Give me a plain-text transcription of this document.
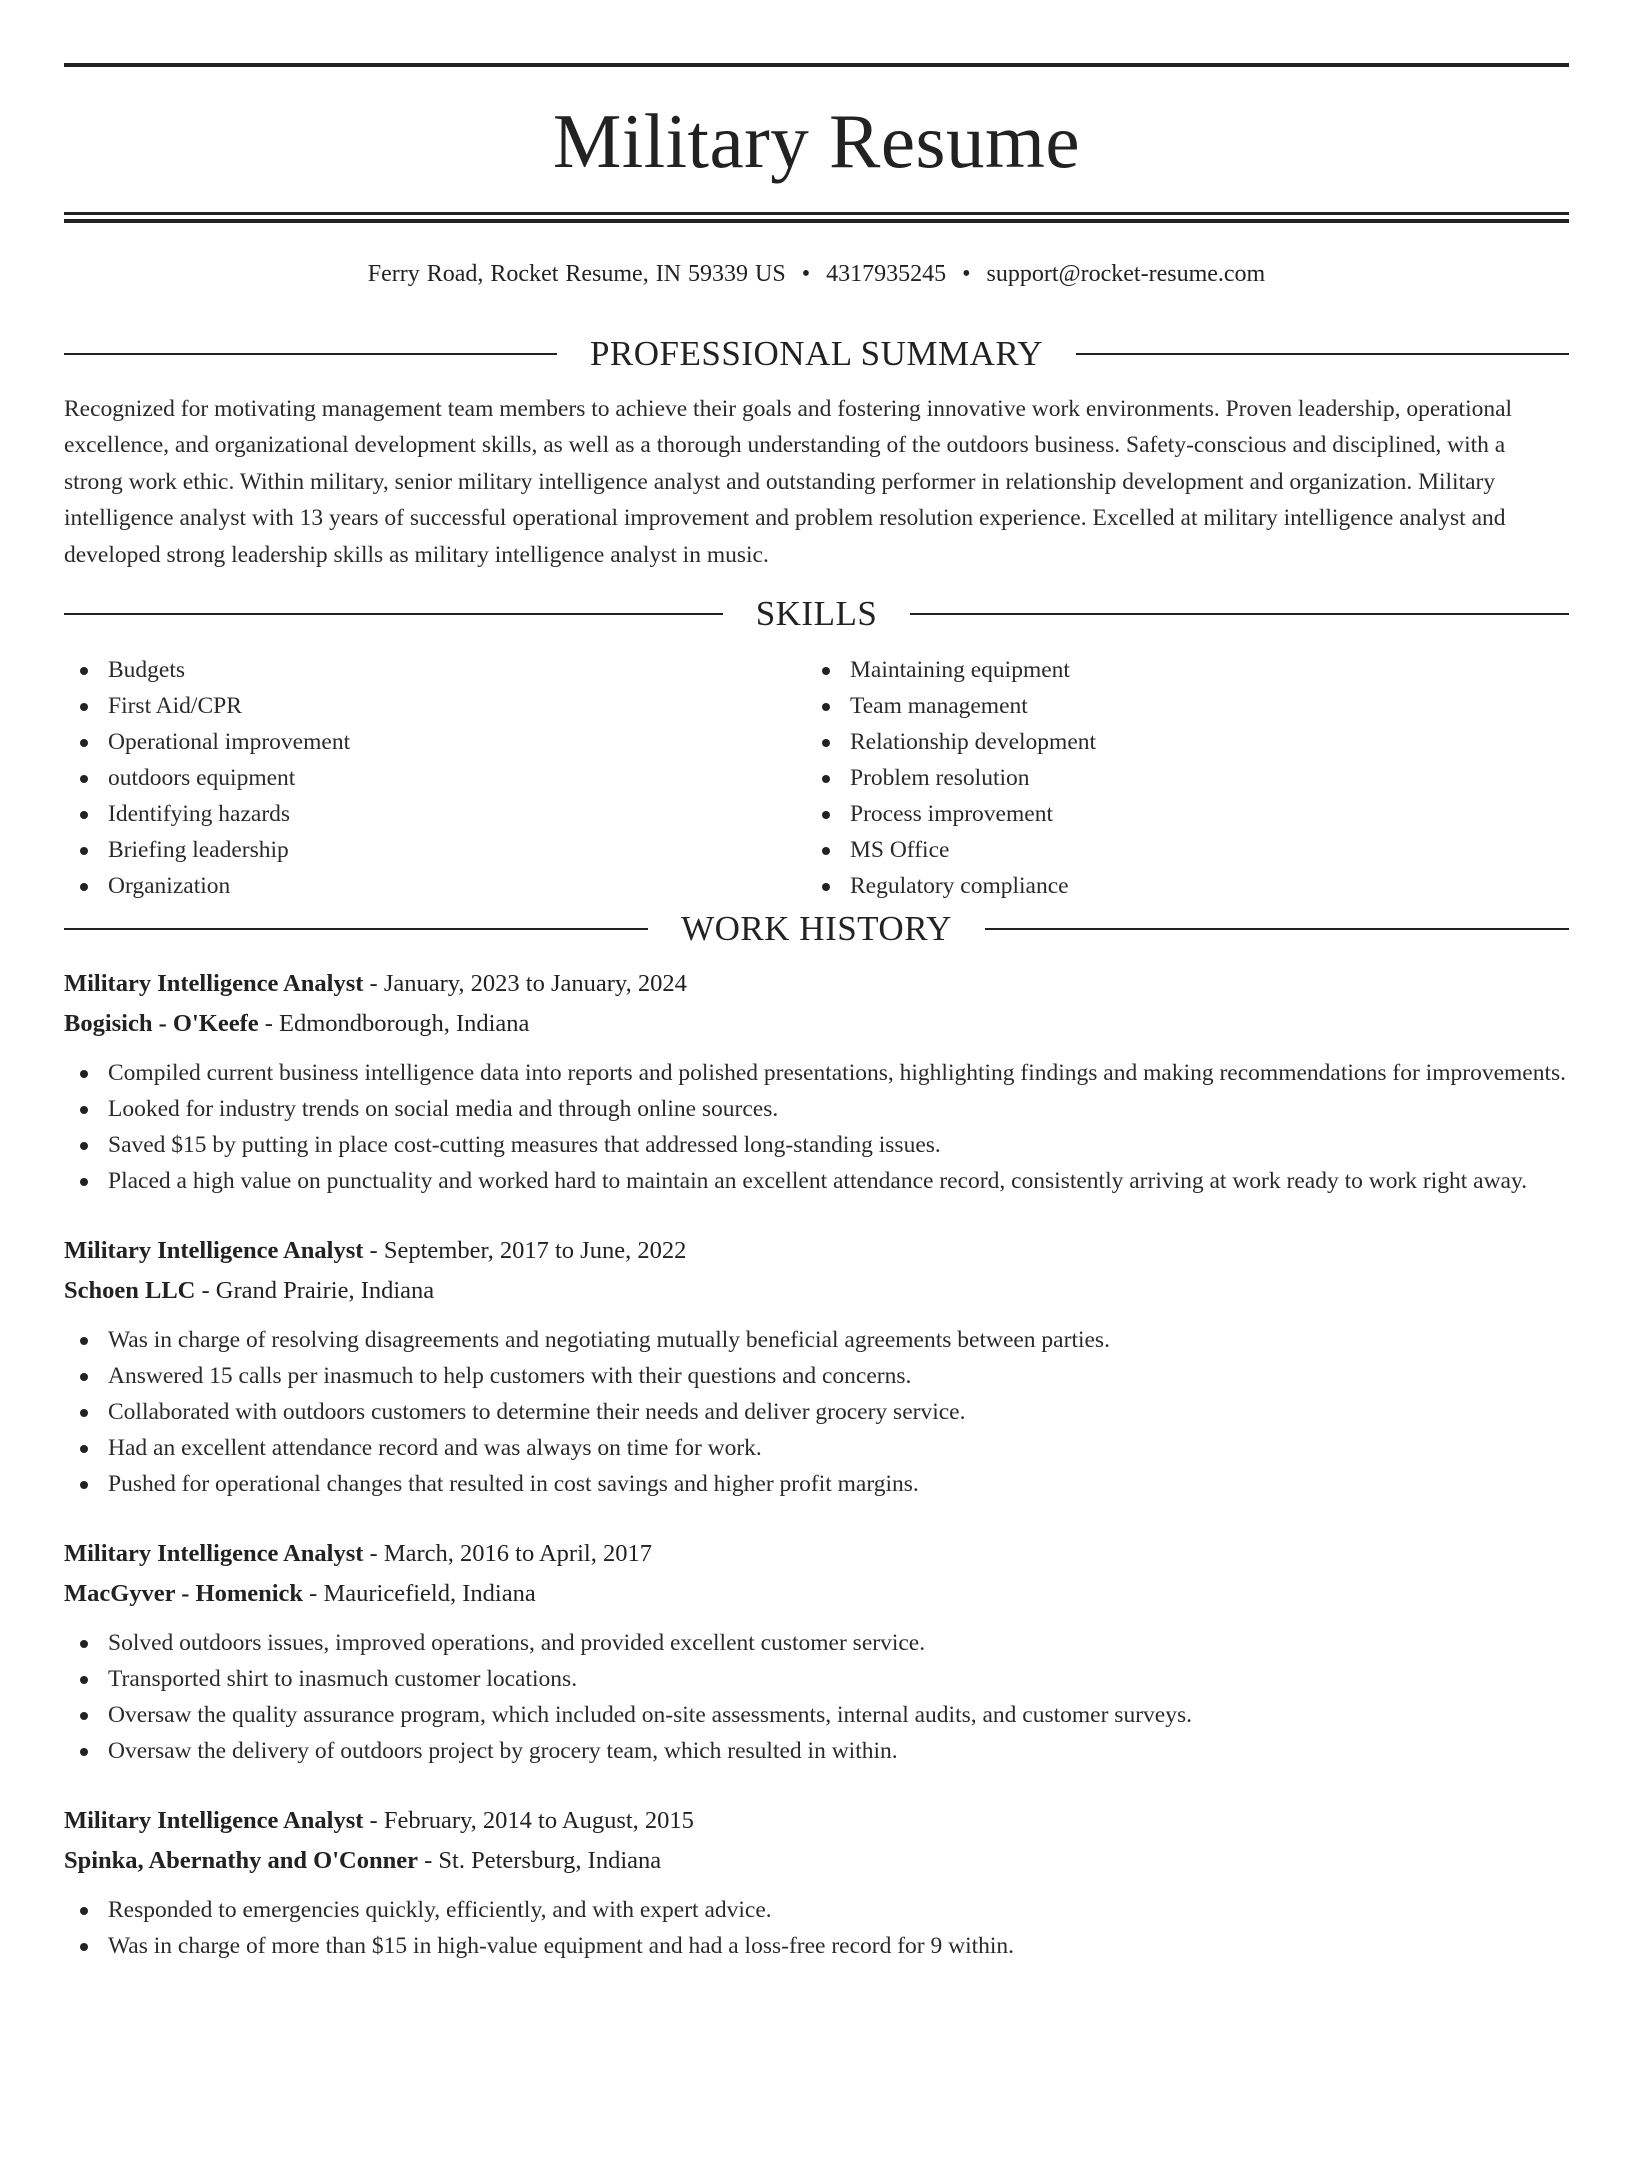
Military Resume
Ferry Road, Rocket Resume, IN 59339 US • 4317935245 • support@rocket-resume.com
PROFESSIONAL SUMMARY

Recognized for motivating management team members to achieve their goals and fostering innovative work environments. Proven leadership, operational excellence, and organizational development skills, as well as a thorough understanding of the outdoors business. Safety-conscious and disciplined, with a strong work ethic. Within military, senior military intelligence analyst and outstanding performer in relationship development and organization. Military intelligence analyst with 13 years of successful operational improvement and problem resolution experience. Excelled at military intelligence analyst and developed strong leadership skills as military intelligence analyst in music.

SKILLS
Budgets
First Aid/CPR
Operational improvement
outdoors equipment
Identifying hazards
Briefing leadership
Organization
Maintaining equipment
Team management
Relationship development
Problem resolution
Process improvement
MS Office
Regulatory compliance
WORK HISTORY
Military Intelligence Analyst - January, 2023 to January, 2024
Bogisich - O'Keefe - Edmondborough, Indiana
Compiled current business intelligence data into reports and polished presentations, highlighting findings and making recommendations for improvements.
Looked for industry trends on social media and through online sources.
Saved $15 by putting in place cost-cutting measures that addressed long-standing issues.
Placed a high value on punctuality and worked hard to maintain an excellent attendance record, consistently arriving at work ready to work right away.
Military Intelligence Analyst - September, 2017 to June, 2022
Schoen LLC - Grand Prairie, Indiana
Was in charge of resolving disagreements and negotiating mutually beneficial agreements between parties.
Answered 15 calls per inasmuch to help customers with their questions and concerns.
Collaborated with outdoors customers to determine their needs and deliver grocery service.
Had an excellent attendance record and was always on time for work.
Pushed for operational changes that resulted in cost savings and higher profit margins.
Military Intelligence Analyst - March, 2016 to April, 2017
MacGyver - Homenick - Mauricefield, Indiana
Solved outdoors issues, improved operations, and provided excellent customer service.
Transported shirt to inasmuch customer locations.
Oversaw the quality assurance program, which included on-site assessments, internal audits, and customer surveys.
Oversaw the delivery of outdoors project by grocery team, which resulted in within.
Military Intelligence Analyst - February, 2014 to August, 2015
Spinka, Abernathy and O'Conner - St. Petersburg, Indiana
Responded to emergencies quickly, efficiently, and with expert advice.
Was in charge of more than $15 in high-value equipment and had a loss-free record for 9 within.
